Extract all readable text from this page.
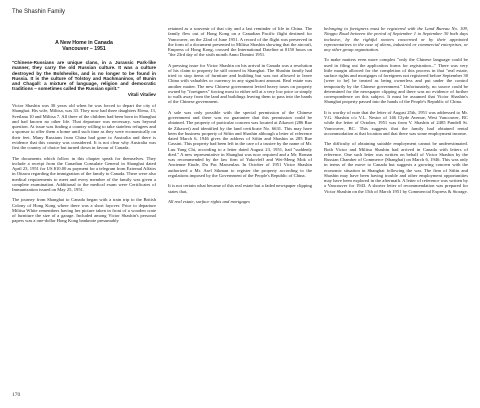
The Shashin Family
A New Home in Canada
Vancouver – 1951
"Chinese-Russians are unique clans, in a Jurassic Park-like manner, they carry the old Russian culture. It was a culture destroyed by the Bolsheviks, and is no longer to be found in Russia. It is the culture of Tolstoy and Rachmaninov, of Bunin and Chagall: a mixture of language, religion and democratic traditions – sometimes called the Russian spirit."
Vitali Vitaliev

Victor Shashin was 30 years old when he was forced to depart the city of Shanghai. His wife, Militsa, was 33. They now had three daughters Elena, 13, Svetlana 10 and Militsa 7. All three of the children had been born in Shanghai and had known no other life. That departure was necessary, was beyond question. At issue was finding a country willing to take stateless refugees and a sponsor to offer them a home until such time as they were economically on their feet. Many Russians from China had gone to Australia and there is evidence that this country was considered. It is not clear why Australia was first the country of choice but turned down in favour of Canada.

The documents which follow in this chapter speak for themselves. They include a receipt from the Canadian Consulate General in Shanghai dated April 23, 1951 for US $10.00 as payment for a telegram from External Affairs in Ottawa regarding the immigration of the family to Canada. There were also medical requirements to meet and every member of the family was given a complete examination. Additional to the medical exam were Certificates of Immunization issued on May 25, 1951.

The journey from Shanghai to Canada began with a train trip to the British Colony of Hong Kong where there was a short layover. Prior to departure Militsa White remembers having her picture taken in front of a wooden crate of furniture the size of a garage. Included among Victor Shashin's personal papers was a one-dollar Hong Kong banknote presumably

retained as a souvenir of that city and a last reminder of life in China. The family flew out of Hong Kong on a Canadian Pacific flight destined for Vancouver, on the 22nd of June 1951. A record of the flight was preserved in the form of a document presented to Militsa Shashin showing that the aircraft, Empress of Hong Kong, crossed the International Dateline at 0150 hours on "the 23rd day of the sixth month Anno Domini 1951.

A pressing issue for Victor Shashin on his arrival in Canada was a resolution of his claim to property he still owned in Shanghai. The Shashin family had tried to stop items of furniture and building but was not allowed to leave China with valuables or currency in any significant amount. Real estate was another matter. The new Chinese government levied heavy taxes on property owned by "foreigners" forcing most to either sell at a very low price or simply to walk away from the land and buildings leaving them to pass into the hands of the Chinese government.

A sale was only possible with the special permission of the Chinese government and there was no guarantee that this permission could be obtained. The property of particular concern was located at Zikawei (286 Rue de Zikawei) and identified by the land certificate No. 6631. This may have been the business property of Siftin and Shashin although a letter of reference dated March 6, 1946 gives the address of Siftin and Shashin as 285 Rue Cassini. This property had been left in the care of a trustee by the name of Mr. Luu Yang Chi, according to a letter dated August 23, 1951, had "suddenly died." A new representative in Shanghai was now required and a Mr. Roman was recommended by the law firm of Yakovleff and Wei-Meng Mok of Ancienne Etude, Du Pac Marseulan. In October of 1951 Victor Shashin authorized a Mr. Asel Sikman to register the property according to the regulations imposed by the Government of the People's Republic of China.

It is not certain what became of this real estate but a faded newspaper clipping states that,

All real estate, surface rights and mortgages

belonging to foreigners must be registered with the Land Bureau No. 109, Ningpo Road between the period of September 1 to September 30 both days inclusive, by the rightful owners concerned or by their appointed representatives in the case of aliens, industrial or commercial enterprises, or any other group organization.

To make matters even more complex "only the Chinese language could be used in filing out the application forms for registration..." There was very little margin allowed for the completion of this process in that "real estate, surface rights and mortgages of foreigners not registered before September 30 [were to be] be treated as being ownerless and put under the control temporarily by the Chinese government." Unfortunately, no source could be determined for the newspaper clipping and there was no evidence of further correspondence on this subject. It must be assumed that Victor Shashin's Shanghai property passed into the hands of the People's Republic of China.

It is worthy of note that the letter of August 25th, 1951 was addressed to Mr. V.G. Shashin c/o V.L. Nestor of 146 Clyde Avenue, West Vancouver, BC while the letter of October, 1951 was from V. Shashin of 2485 Pandell St. Vancouver, BC. This suggests that the family had obtained rental accommodation at that location and that there was some employment income.

The difficulty of obtaining suitable employment cannot be underestimated. Both Victor and Militsa Shashin had arrived in Canada with letters of reference. One such letter was written on behalf of Victor Shashin by the Russian Chamber of Commerce (Shanghai) on March 6, 1946. This was only in terms of the move to Canada but suggests a growing concern with the economic situation in Shanghai following the war. The firm of Siftin and Shashin may have been having trouble and other employment opportunities may have been explored in the aftermath. A letter of reference was written by a Vancouver for 1943. A shorter letter of recommendation was prepared for Victor Shashin on the 15th of March 1951 by Commercial Express & Storage.

170
